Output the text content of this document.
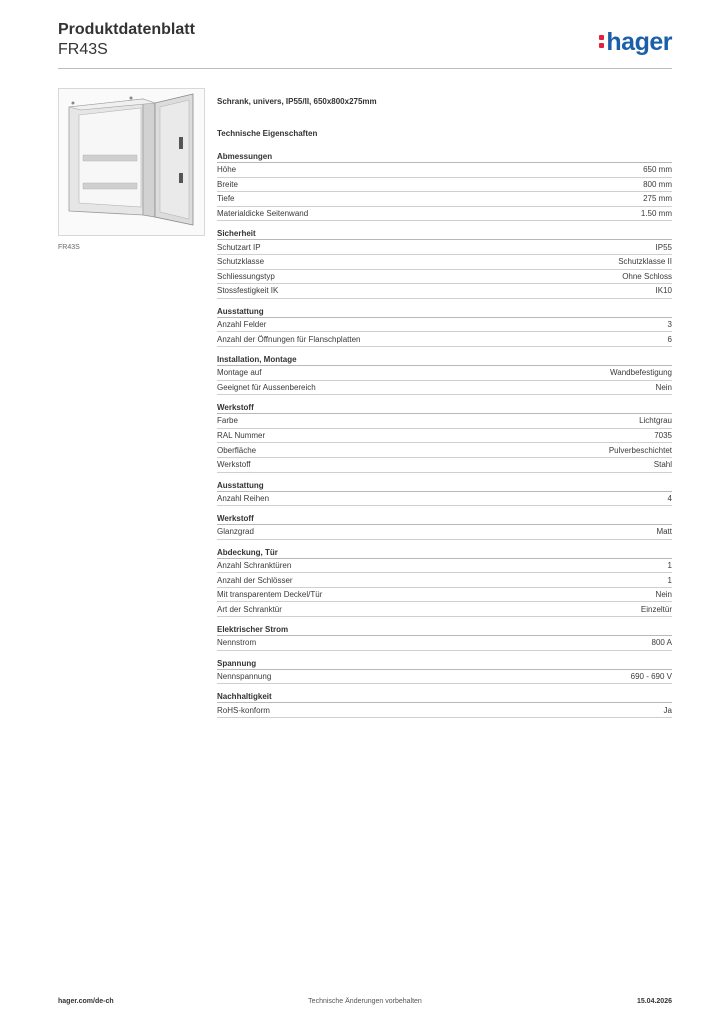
Produktdatenblatt
FR43S	hager
FR43S
Schrank, univers, IP55/II, 650x800x275mm
Technische Eigenschaften
Abmessungen
Höhe	650 mm
Breite	800 mm
Tiefe	275 mm
Materialdicke Seitenwand	1.50 mm
Sicherheit
Schutzart IP	IP55
Schutzklasse	Schutzklasse II
Schliessungstyp	Ohne Schloss
Stossfestigkeit IK	IK10
Ausstattung
Anzahl Felder	3
Anzahl der Öffnungen für Flanschplatten	6
Installation, Montage
Montage auf	Wandbefestigung
Geeignet für Aussenbereich	Nein
Werkstoff
Farbe	Lichtgrau
RAL Nummer	7035
Oberfläche	Pulverbeschichtet
Werkstoff	Stahl
Ausstattung
Anzahl Reihen	4
Werkstoff
Glanzgrad	Matt
Abdeckung, Tür
Anzahl Schranktüren	1
Anzahl der Schlösser	1
Mit transparentem Deckel/Tür	Nein
Art der Schranktür	Einzeltür
Elektrischer Strom
Nennstrom	800 A
Spannung
Nennspannung	690 - 690 V
Nachhaltigkeit
RoHS-konform	Ja
hager.com/de-ch	Technische Änderungen vorbehalten	15.04.2026
